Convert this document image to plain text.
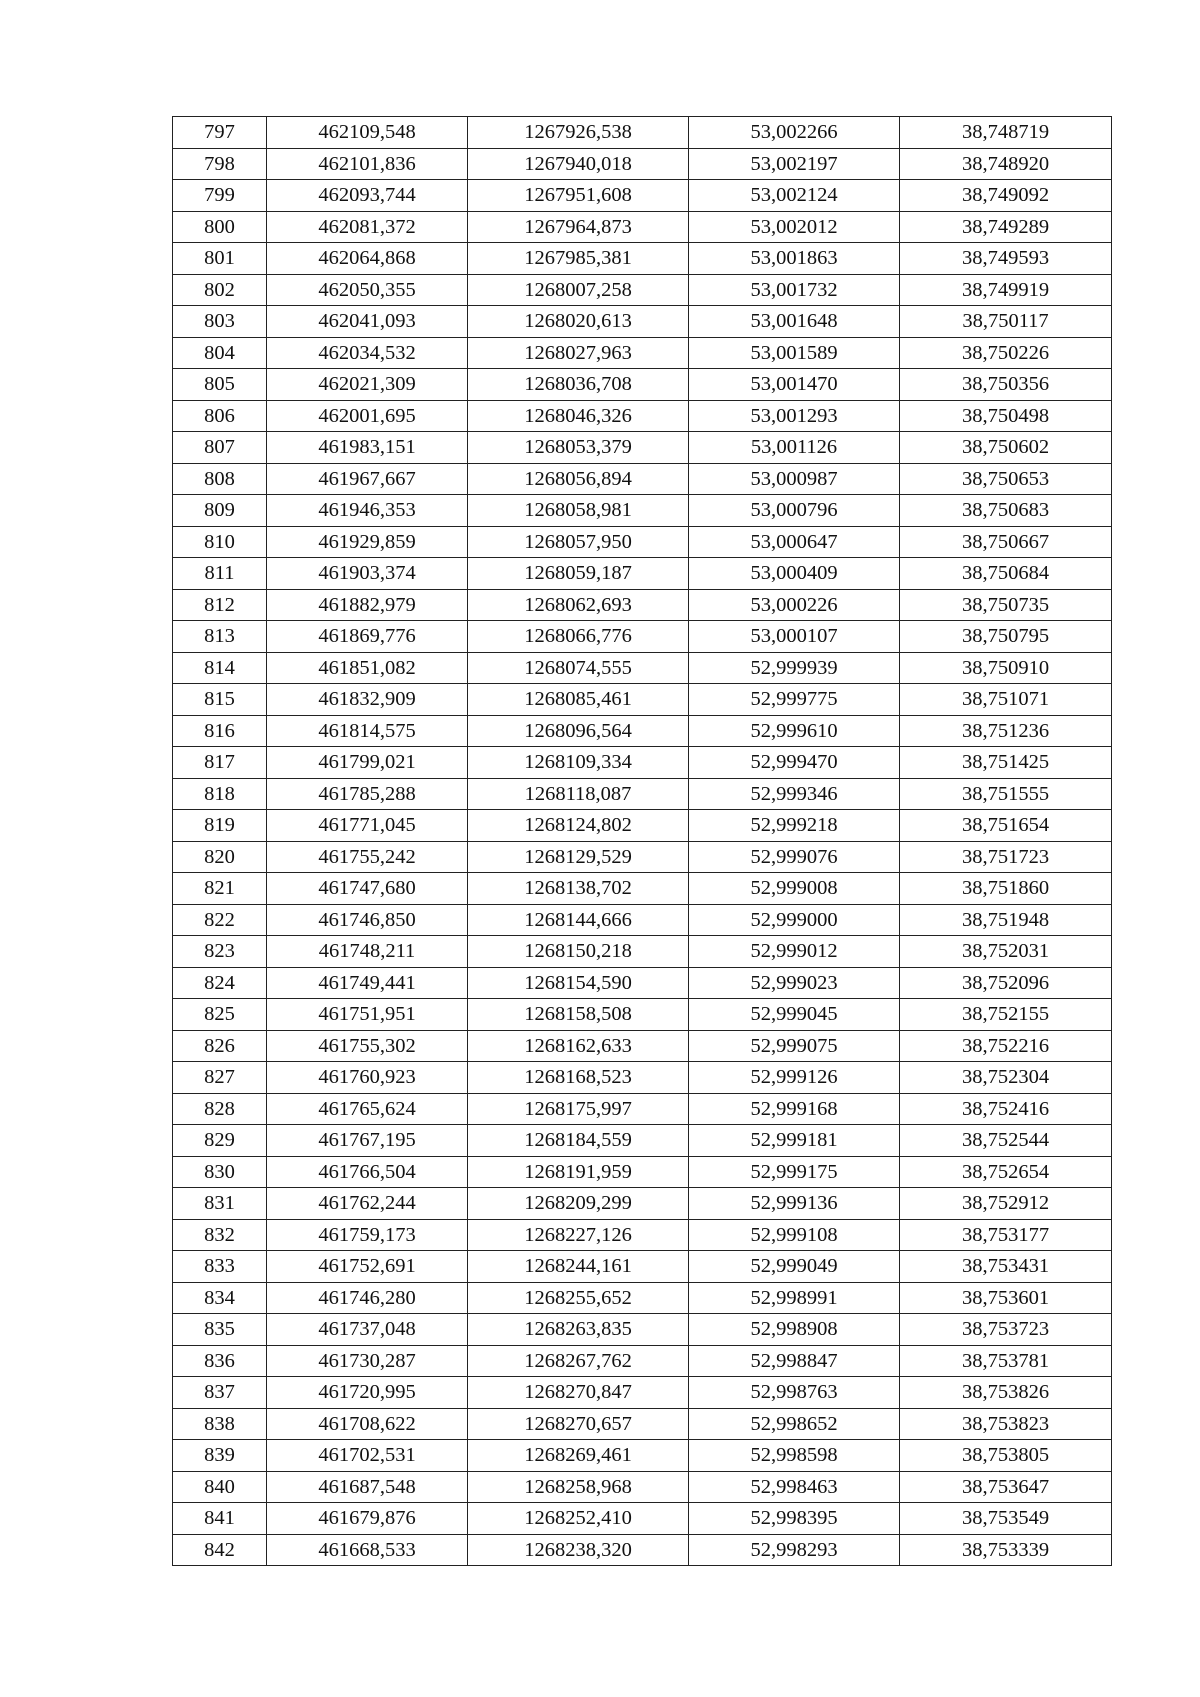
797	462109,548	1267926,538	53,002266	38,748719
798	462101,836	1267940,018	53,002197	38,748920
799	462093,744	1267951,608	53,002124	38,749092
800	462081,372	1267964,873	53,002012	38,749289
801	462064,868	1267985,381	53,001863	38,749593
802	462050,355	1268007,258	53,001732	38,749919
803	462041,093	1268020,613	53,001648	38,750117
804	462034,532	1268027,963	53,001589	38,750226
805	462021,309	1268036,708	53,001470	38,750356
806	462001,695	1268046,326	53,001293	38,750498
807	461983,151	1268053,379	53,001126	38,750602
808	461967,667	1268056,894	53,000987	38,750653
809	461946,353	1268058,981	53,000796	38,750683
810	461929,859	1268057,950	53,000647	38,750667
811	461903,374	1268059,187	53,000409	38,750684
812	461882,979	1268062,693	53,000226	38,750735
813	461869,776	1268066,776	53,000107	38,750795
814	461851,082	1268074,555	52,999939	38,750910
815	461832,909	1268085,461	52,999775	38,751071
816	461814,575	1268096,564	52,999610	38,751236
817	461799,021	1268109,334	52,999470	38,751425
818	461785,288	1268118,087	52,999346	38,751555
819	461771,045	1268124,802	52,999218	38,751654
820	461755,242	1268129,529	52,999076	38,751723
821	461747,680	1268138,702	52,999008	38,751860
822	461746,850	1268144,666	52,999000	38,751948
823	461748,211	1268150,218	52,999012	38,752031
824	461749,441	1268154,590	52,999023	38,752096
825	461751,951	1268158,508	52,999045	38,752155
826	461755,302	1268162,633	52,999075	38,752216
827	461760,923	1268168,523	52,999126	38,752304
828	461765,624	1268175,997	52,999168	38,752416
829	461767,195	1268184,559	52,999181	38,752544
830	461766,504	1268191,959	52,999175	38,752654
831	461762,244	1268209,299	52,999136	38,752912
832	461759,173	1268227,126	52,999108	38,753177
833	461752,691	1268244,161	52,999049	38,753431
834	461746,280	1268255,652	52,998991	38,753601
835	461737,048	1268263,835	52,998908	38,753723
836	461730,287	1268267,762	52,998847	38,753781
837	461720,995	1268270,847	52,998763	38,753826
838	461708,622	1268270,657	52,998652	38,753823
839	461702,531	1268269,461	52,998598	38,753805
840	461687,548	1268258,968	52,998463	38,753647
841	461679,876	1268252,410	52,998395	38,753549
842	461668,533	1268238,320	52,998293	38,753339
